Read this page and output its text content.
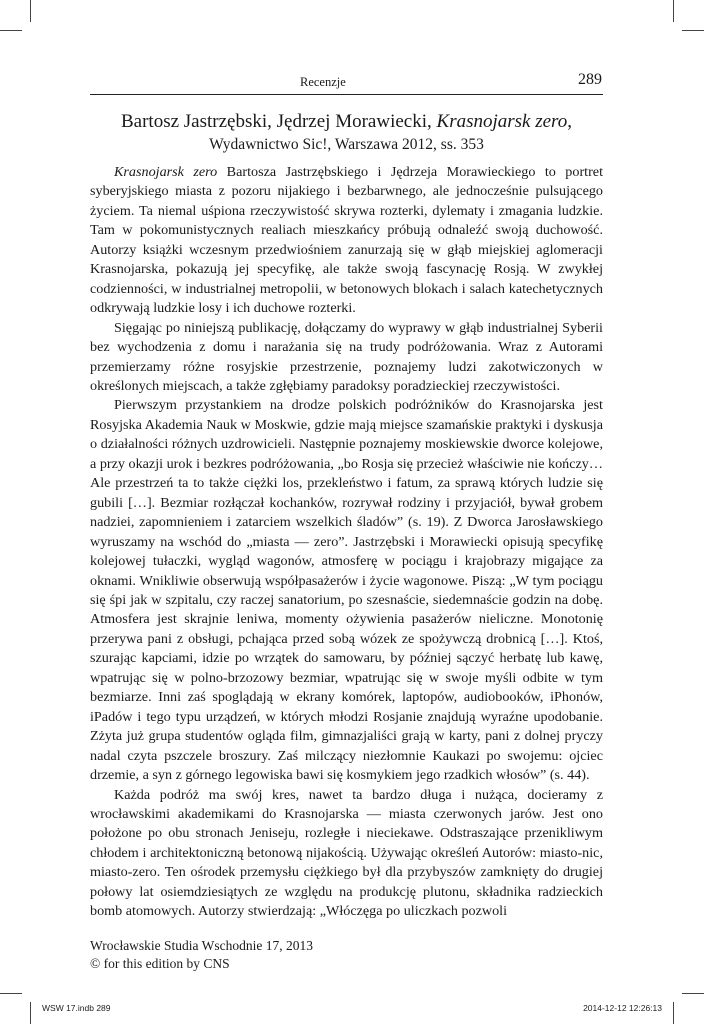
Recenzje	289
Bartosz Jastrzębski, Jędrzej Morawiecki, Krasnojarsk zero,
Wydawnictwo Sic!, Warszawa 2012, ss. 353

Krasnojarsk zero Bartosza Jastrzębskiego i Jędrzeja Morawieckiego to portret syberyjskiego miasta z pozoru nijakiego i bezbarwnego, ale jednocześnie pulsującego życiem. Ta niemal uśpiona rzeczywistość skrywa rozterki, dylematy i zmagania ludzkie. Tam w pokomunistycznych realiach mieszkańcy próbują odnaleźć swoją duchowość. Autorzy książki wczesnym przedwiośniem zanurzają się w głąb miejskiej aglomeracji Krasnojarska, pokazują jej specyfikę, ale także swoją fascynację Rosją. W zwykłej codzienności, w industrialnej metropolii, w betonowych blokach i salach katechetycznych odkrywają ludzkie losy i ich duchowe rozterki.

Sięgając po niniejszą publikację, dołączamy do wyprawy w głąb industrialnej Syberii bez wychodzenia z domu i narażania się na trudy podróżowania. Wraz z Autorami przemierzamy różne rosyjskie przestrzenie, poznajemy ludzi zakotwiczonych w określonych miejscach, a także zgłębiamy paradoksy poradzieckiej rzeczywistości.

Pierwszym przystankiem na drodze polskich podróżników do Krasnojarska jest Rosyjska Akademia Nauk w Moskwie, gdzie mają miejsce szamańskie praktyki i dyskusja o działalności różnych uzdrowicieli. Następnie poznajemy moskiewskie dworce kolejowe, a przy okazji urok i bezkres podróżowania, „bo Rosja się przecież właściwie nie kończy… Ale przestrzeń ta to także ciężki los, przekleństwo i fatum, za sprawą których ludzie się gubili […]. Bezmiar rozłączał kochanków, rozrywał rodziny i przyjaciół, bywał grobem nadziei, zapomnieniem i zatarciem wszelkich śladów” (s. 19). Z Dworca Jarosławskiego wyruszamy na wschód do „miasta — zero”. Jastrzębski i Morawiecki opisują specyfikę kolejowej tułaczki, wygląd wagonów, atmosferę w pociągu i krajobrazy migające za oknami. Wnikliwie obserwują współpasażerów i życie wagonowe. Piszą: „W tym pociągu się śpi jak w szpitalu, czy raczej sanatorium, po szesnaście, siedemnaście godzin na dobę. Atmosfera jest skrajnie leniwa, momenty ożywienia pasażerów nieliczne. Monotonię przerywa pani z obsługi, pchająca przed sobą wózek ze spożywczą drobnicą […]. Ktoś, szurając kapciami, idzie po wrzątek do samowaru, by później sączyć herbatę lub kawę, wpatrując się w polno-brzozowy bezmiar, wpatrując się w swoje myśli odbite w tym bezmiarze. Inni zaś spoglądają w ekrany komórek, laptopów, audiobooków, iPhonów, iPadów i tego typu urządzeń, w których młodzi Rosjanie znajdują wyraźne upodobanie. Zżyta już grupa studentów ogląda film, gimnazjaliści grają w karty, pani z dolnej pryczy nadal czyta pszczele broszury. Zaś milczący niezłomnie Kaukazi po swojemu: ojciec drzemie, a syn z górnego legowiska bawi się kosmykiem jego rzadkich włosów” (s. 44).

Każda podróż ma swój kres, nawet ta bardzo długa i nużąca, docieramy z wrocławskimi akademikami do Krasnojarska — miasta czerwonych jarów. Jest ono położone po obu stronach Jeniseju, rozległe i nieciekawe. Odstraszające przenikliwym chłodem i architektoniczną betonową nijakością. Używając określeń Autorów: miasto-nic, miasto-zero. Ten ośrodek przemysłu ciężkiego był dla przybyszów zamknięty do drugiej połowy lat osiemdziesiątych ze względu na produkcję plutonu, składnika radzieckich bomb atomowych. Autorzy stwierdzają: „Włóczęga po uliczkach pozwoli

Wrocławskie Studia Wschodnie 17, 2013
© for this edition by CNS
WSW 17.indb 289	2014-12-12 12:26:13
